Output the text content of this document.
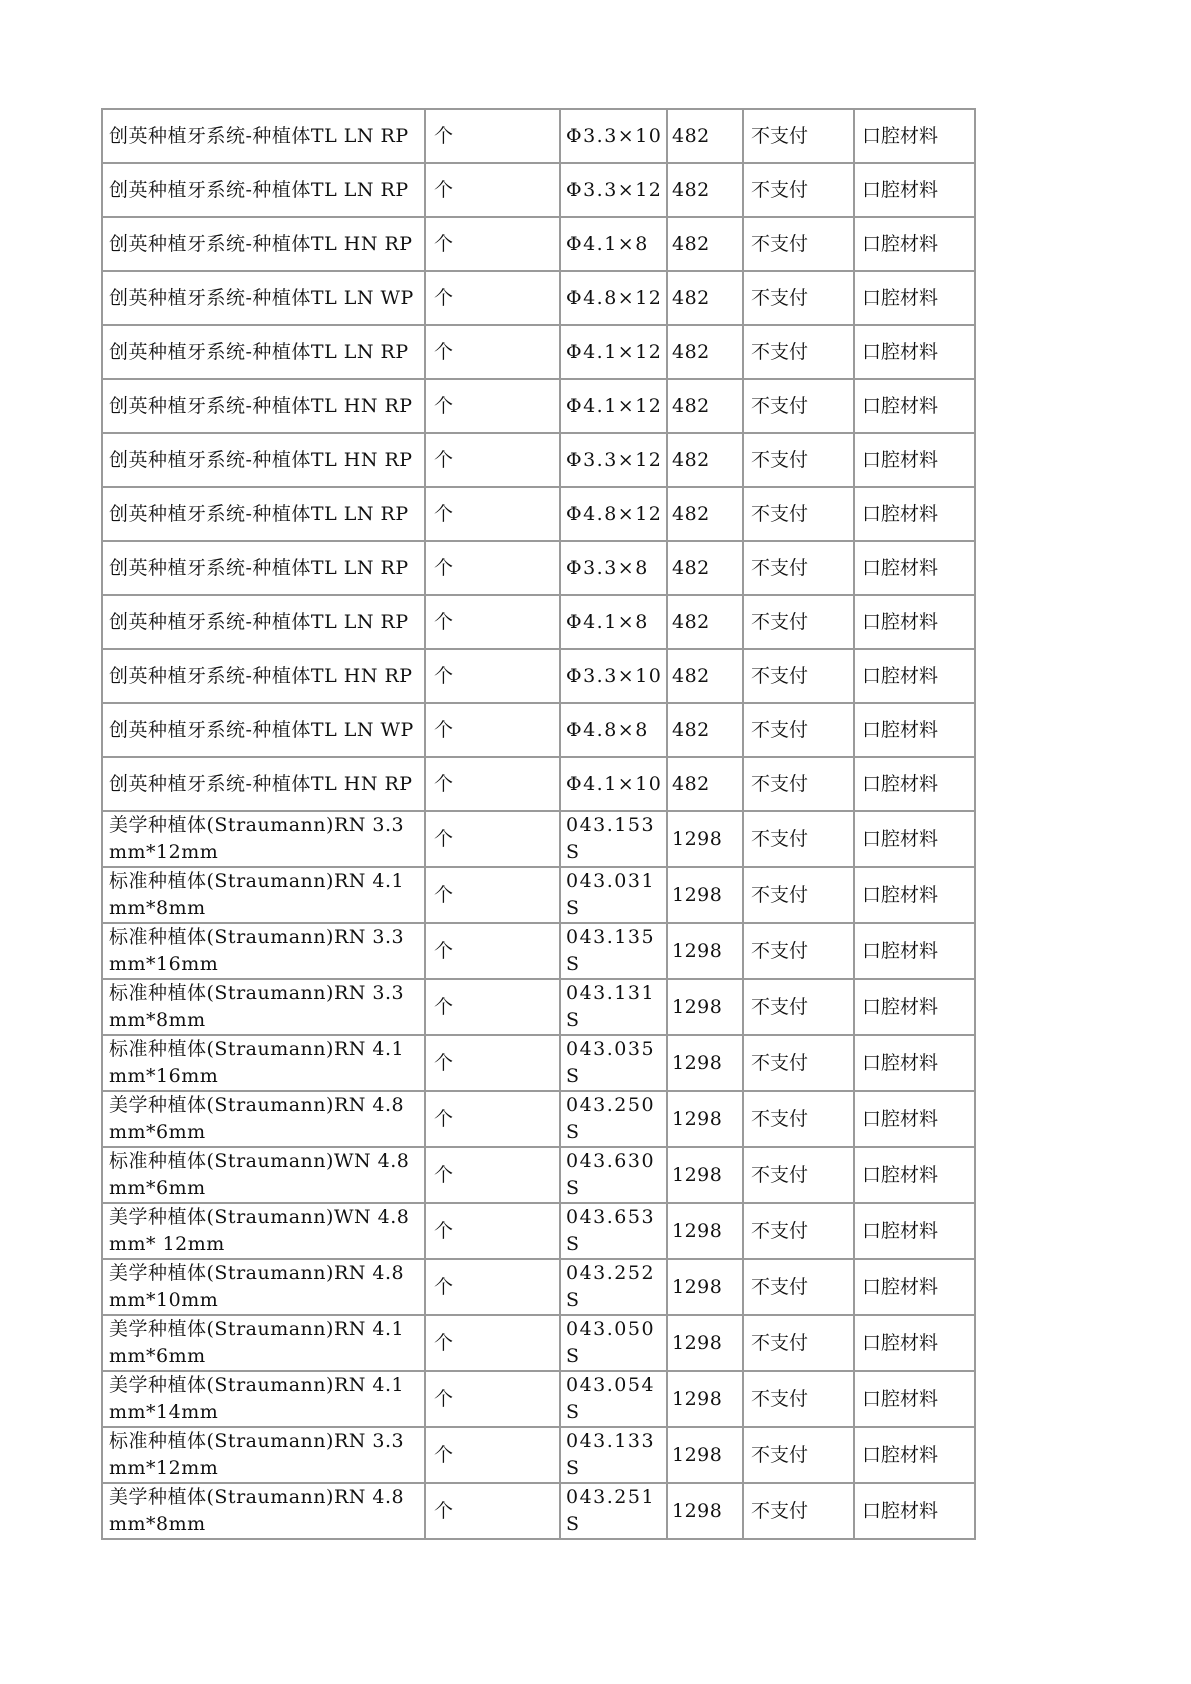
创英种植牙系统-种植体TL LN RP	个	Φ3.3×10	482	不支付	口腔材料
创英种植牙系统-种植体TL LN RP	个	Φ3.3×12	482	不支付	口腔材料
创英种植牙系统-种植体TL HN RP	个	Φ4.1×8	482	不支付	口腔材料
创英种植牙系统-种植体TL LN WP	个	Φ4.8×12	482	不支付	口腔材料
创英种植牙系统-种植体TL LN RP	个	Φ4.1×12	482	不支付	口腔材料
创英种植牙系统-种植体TL HN RP	个	Φ4.1×12	482	不支付	口腔材料
创英种植牙系统-种植体TL HN RP	个	Φ3.3×12	482	不支付	口腔材料
创英种植牙系统-种植体TL LN RP	个	Φ4.8×12	482	不支付	口腔材料
创英种植牙系统-种植体TL LN RP	个	Φ3.3×8	482	不支付	口腔材料
创英种植牙系统-种植体TL LN RP	个	Φ4.1×8	482	不支付	口腔材料
创英种植牙系统-种植体TL HN RP	个	Φ3.3×10	482	不支付	口腔材料
创英种植牙系统-种植体TL LN WP	个	Φ4.8×8	482	不支付	口腔材料
创英种植牙系统-种植体TL HN RP	个	Φ4.1×10	482	不支付	口腔材料
美学种植体(Straumann)RN 3.3mm*12mm	个	043.153S	1298	不支付	口腔材料
标准种植体(Straumann)RN 4.1mm*8mm	个	043.031S	1298	不支付	口腔材料
标准种植体(Straumann)RN 3.3mm*16mm	个	043.135S	1298	不支付	口腔材料
标准种植体(Straumann)RN 3.3mm*8mm	个	043.131S	1298	不支付	口腔材料
标准种植体(Straumann)RN 4.1mm*16mm	个	043.035S	1298	不支付	口腔材料
美学种植体(Straumann)RN 4.8mm*6mm	个	043.250S	1298	不支付	口腔材料
标准种植体(Straumann)WN 4.8mm*6mm	个	043.630S	1298	不支付	口腔材料
美学种植体(Straumann)WN 4.8mm* 12mm	个	043.653S	1298	不支付	口腔材料
美学种植体(Straumann)RN 4.8mm*10mm	个	043.252S	1298	不支付	口腔材料
美学种植体(Straumann)RN 4.1mm*6mm	个	043.050S	1298	不支付	口腔材料
美学种植体(Straumann)RN 4.1mm*14mm	个	043.054S	1298	不支付	口腔材料
标准种植体(Straumann)RN 3.3mm*12mm	个	043.133S	1298	不支付	口腔材料
美学种植体(Straumann)RN 4.8mm*8mm	个	043.251S	1298	不支付	口腔材料
